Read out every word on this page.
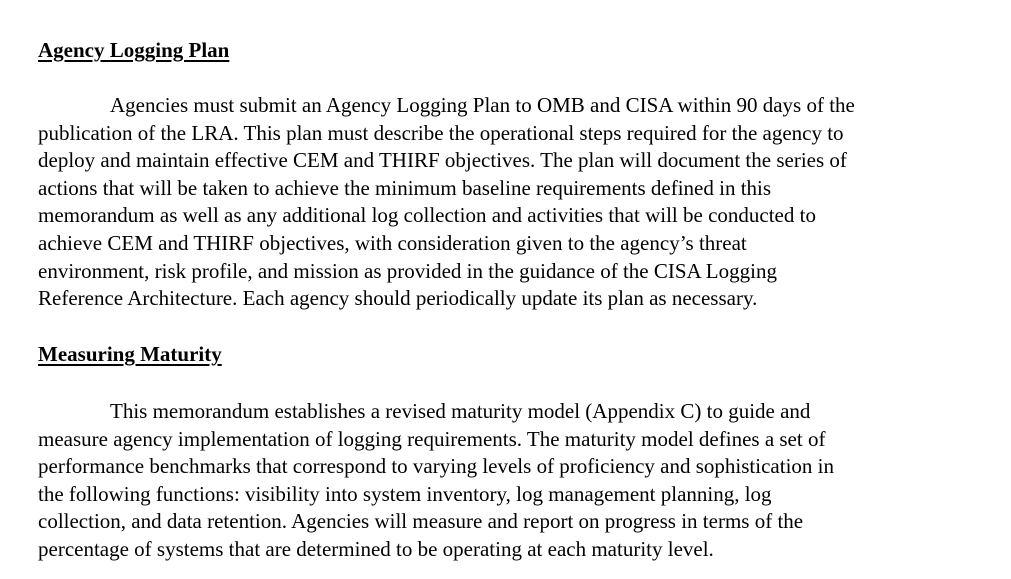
Agency Logging Plan

Agencies must submit an Agency Logging Plan to OMB and CISA within 90 days of the
publication of the LRA. This plan must describe the operational steps required for the agency to
deploy and maintain effective CEM and THIRF objectives. The plan will document the series of
actions that will be taken to achieve the minimum baseline requirements defined in this
memorandum as well as any additional log collection and activities that will be conducted to
achieve CEM and THIRF objectives, with consideration given to the agency’s threat
environment, risk profile, and mission as provided in the guidance of the CISA Logging
Reference Architecture. Each agency should periodically update its plan as necessary.

Measuring Maturity

This memorandum establishes a revised maturity model (Appendix C) to guide and
measure agency implementation of logging requirements. The maturity model defines a set of
performance benchmarks that correspond to varying levels of proficiency and sophistication in
the following functions: visibility into system inventory, log management planning, log
collection, and data retention. Agencies will measure and report on progress in terms of the
percentage of systems that are determined to be operating at each maturity level.
